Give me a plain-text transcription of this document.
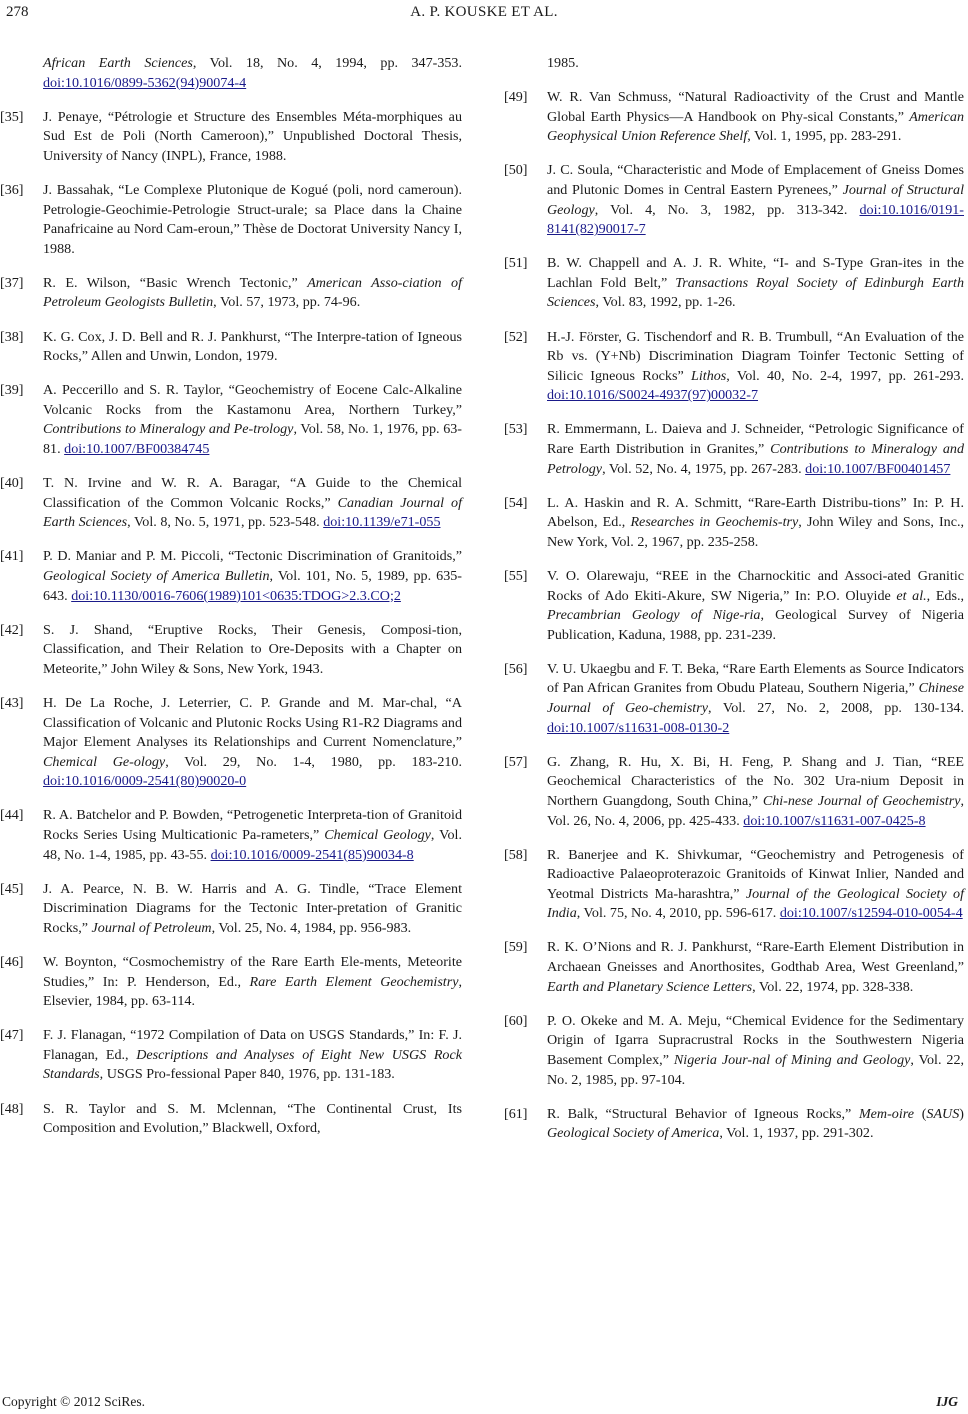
278	A. P. KOUSKE ET AL.
African Earth Sciences, Vol. 18, No. 4, 1994, pp. 347-353. doi:10.1016/0899-5362(94)90074-4
[35] J. Penaye, “Pétrologie et Structure des Ensembles Méta-morphiques au Sud Est de Poli (North Cameroon),” Unpublished Doctoral Thesis, University of Nancy (INPL), France, 1988.
[36] J. Bassahak, “Le Complexe Plutonique de Kogué (poli, nord cameroun). Petrologie-Geochimie-Petrologie Struct-urale; sa Place dans la Chaine Panafricaine au Nord Cam-eroun,” Thèse de Doctorat University Nancy I, 1988.
[37] R. E. Wilson, “Basic Wrench Tectonic,” American Asso-ciation of Petroleum Geologists Bulletin, Vol. 57, 1973, pp. 74-96.
[38] K. G. Cox, J. D. Bell and R. J. Pankhurst, “The Interpre-tation of Igneous Rocks,” Allen and Unwin, London, 1979.
[39] A. Peccerillo and S. R. Taylor, “Geochemistry of Eocene Calc-Alkaline Volcanic Rocks from the Kastamonu Area, Northern Turkey,” Contributions to Mineralogy and Pe-trology, Vol. 58, No. 1, 1976, pp. 63-81. doi:10.1007/BF00384745
[40] T. N. Irvine and W. R. A. Baragar, “A Guide to the Chemical Classification of the Common Volcanic Rocks,” Canadian Journal of Earth Sciences, Vol. 8, No. 5, 1971, pp. 523-548. doi:10.1139/e71-055
[41] P. D. Maniar and P. M. Piccoli, “Tectonic Discrimination of Granitoids,” Geological Society of America Bulletin, Vol. 101, No. 5, 1989, pp. 635-643. doi:10.1130/0016-7606(1989)101<0635:TDOG>2.3.CO;2
[42] S. J. Shand, “Eruptive Rocks, Their Genesis, Composi-tion, Classification, and Their Relation to Ore-Deposits with a Chapter on Meteorite,” John Wiley & Sons, New York, 1943.
[43] H. De La Roche, J. Leterrier, C. P. Grande and M. Mar-chal, “A Classification of Volcanic and Plutonic Rocks Using R1-R2 Diagrams and Major Element Analyses its Relationships and Current Nomenclature,” Chemical Ge-ology, Vol. 29, No. 1-4, 1980, pp. 183-210. doi:10.1016/0009-2541(80)90020-0
[44] R. A. Batchelor and P. Bowden, “Petrogenetic Interpreta-tion of Granitoid Rocks Series Using Multicationic Pa-rameters,” Chemical Geology, Vol. 48, No. 1-4, 1985, pp. 43-55. doi:10.1016/0009-2541(85)90034-8
[45] J. A. Pearce, N. B. W. Harris and A. G. Tindle, “Trace Element Discrimination Diagrams for the Tectonic Inter-pretation of Granitic Rocks,” Journal of Petroleum, Vol. 25, No. 4, 1984, pp. 956-983.
[46] W. Boynton, “Cosmochemistry of the Rare Earth Ele-ments, Meteorite Studies,” In: P. Henderson, Ed., Rare Earth Element Geochemistry, Elsevier, 1984, pp. 63-114.
[47] F. J. Flanagan, “1972 Compilation of Data on USGS Standards,” In: F. J. Flanagan, Ed., Descriptions and Analyses of Eight New USGS Rock Standards, USGS Pro-fessional Paper 840, 1976, pp. 131-183.
[48] S. R. Taylor and S. M. Mclennan, “The Continental Crust, Its Composition and Evolution,” Blackwell, Oxford,
1985.
[49] W. R. Van Schmuss, “Natural Radioactivity of the Crust and Mantle Global Earth Physics—A Handbook on Phy-sical Constants,” American Geophysical Union Reference Shelf, Vol. 1, 1995, pp. 283-291.
[50] J. C. Soula, “Characteristic and Mode of Emplacement of Gneiss Domes and Plutonic Domes in Central Eastern Pyrenees,” Journal of Structural Geology, Vol. 4, No. 3, 1982, pp. 313-342. doi:10.1016/0191-8141(82)90017-7
[51] B. W. Chappell and A. J. R. White, “I- and S-Type Gran-ites in the Lachlan Fold Belt,” Transactions Royal Society of Edinburgh Earth Sciences, Vol. 83, 1992, pp. 1-26.
[52] H.-J. Förster, G. Tischendorf and R. B. Trumbull, “An Evaluation of the Rb vs. (Y+Nb) Discrimination Diagram Toinfer Tectonic Setting of Silicic Igneous Rocks” Lithos, Vol. 40, No. 2-4, 1997, pp. 261-293. doi:10.1016/S0024-4937(97)00032-7
[53] R. Emmermann, L. Daieva and J. Schneider, “Petrologic Significance of Rare Earth Distribution in Granites,” Contributions to Mineralogy and Petrology, Vol. 52, No. 4, 1975, pp. 267-283. doi:10.1007/BF00401457
[54] L. A. Haskin and R. A. Schmitt, “Rare-Earth Distribu-tions” In: P. H. Abelson, Ed., Researches in Geochemis-try, John Wiley and Sons, Inc., New York, Vol. 2, 1967, pp. 235-258.
[55] V. O. Olarewaju, “REE in the Charnockitic and Associ-ated Granitic Rocks of Ado Ekiti-Akure, SW Nigeria,” In: P.O. Oluyide et al., Eds., Precambrian Geology of Nige-ria, Geological Survey of Nigeria Publication, Kaduna, 1988, pp. 231-239.
[56] V. U. Ukaegbu and F. T. Beka, “Rare Earth Elements as Source Indicators of Pan African Granites from Obudu Plateau, Southern Nigeria,” Chinese Journal of Geo-chemistry, Vol. 27, No. 2, 2008, pp. 130-134. doi:10.1007/s11631-008-0130-2
[57] G. Zhang, R. Hu, X. Bi, H. Feng, P. Shang and J. Tian, “REE Geochemical Characteristics of the No. 302 Ura-nium Deposit in Northern Guangdong, South China,” Chi-nese Journal of Geochemistry, Vol. 26, No. 4, 2006, pp. 425-433. doi:10.1007/s11631-007-0425-8
[58] R. Banerjee and K. Shivkumar, “Geochemistry and Petrogenesis of Radioactive Palaeoproterazoic Granitoids of Kinwat Inlier, Nanded and Yeotmal Districts Ma-harashtra,” Journal of the Geological Society of India, Vol. 75, No. 4, 2010, pp. 596-617. doi:10.1007/s12594-010-0054-4
[59] R. K. O’Nions and R. J. Pankhurst, “Rare-Earth Element Distribution in Archaean Gneisses and Anorthosites, Godthab Area, West Greenland,” Earth and Planetary Science Letters, Vol. 22, 1974, pp. 328-338.
[60] P. O. Okeke and M. A. Meju, “Chemical Evidence for the Sedimentary Origin of Igarra Supracrustral Rocks in the Southwestern Nigeria Basement Complex,” Nigeria Jour-nal of Mining and Geology, Vol. 22, No. 2, 1985, pp. 97-104.
[61] R. Balk, “Structural Behavior of Igneous Rocks,” Mem-oire (SAUS) Geological Society of America, Vol. 1, 1937, pp. 291-302.
Copyright © 2012 SciRes.	IJG
